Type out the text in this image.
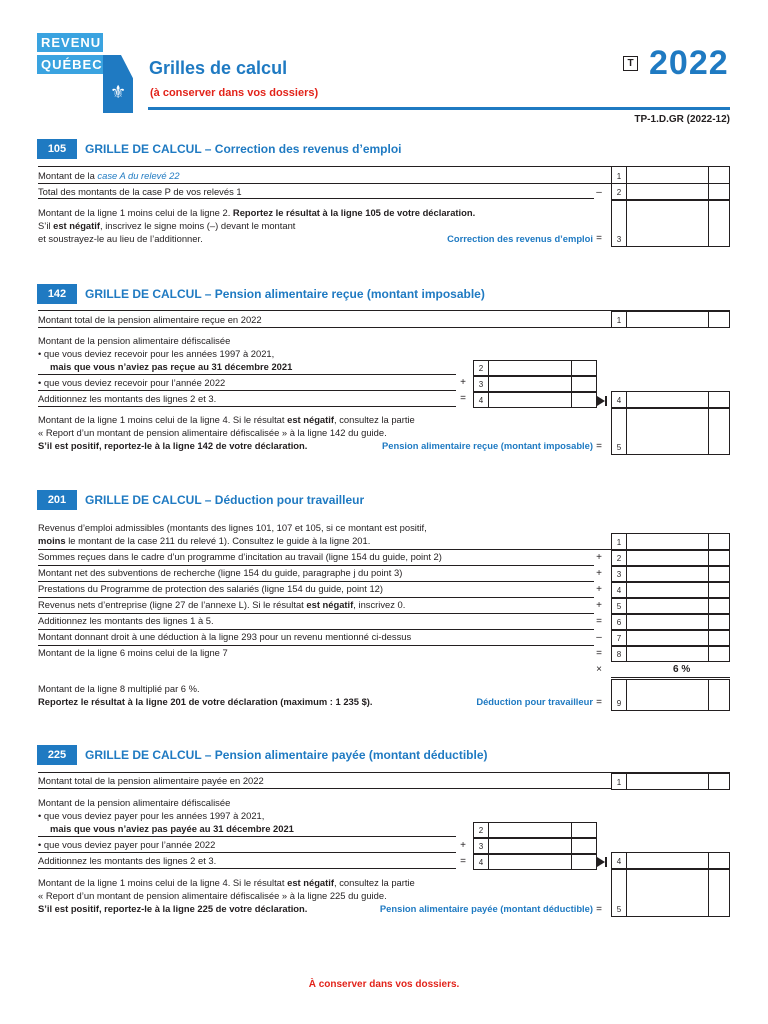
REVENU
QUÉBEC
⚜
Grilles de calcul
(à conserver dans vos dossiers)
T 2022
TP-1.D.GR (2022-12)
105	GRILLE DE CALCUL – Correction des revenus d’emploi
Montant de la case A du relevé 22	1
Total des montants de la case P de vos relevés 1	–	2
Montant de la ligne 1 moins celui de la ligne 2. Reportez le résultat à la ligne 105 de votre déclaration.
S’il est négatif, inscrivez le signe moins (–) devant le montant
et soustrayez-le au lieu de l’additionner.	Correction des revenus d’emploi =	3
142	GRILLE DE CALCUL – Pension alimentaire reçue (montant imposable)
Montant total de la pension alimentaire reçue en 2022	1
Montant de la pension alimentaire défiscalisée
• que vous deviez recevoir pour les années 1997 à 2021,
mais que vous n’aviez pas reçue au 31 décembre 2021	2
• que vous deviez recevoir pour l’année 2022	+	3
Additionnez les montants des lignes 2 et 3.	=	4	4
Montant de la ligne 1 moins celui de la ligne 4. Si le résultat est négatif, consultez la partie
« Report d’un montant de pension alimentaire défiscalisée » à la ligne 142 du guide.
S’il est positif, reportez-le à la ligne 142 de votre déclaration.	Pension alimentaire reçue (montant imposable) =	5
201	GRILLE DE CALCUL – Déduction pour travailleur
Revenus d’emploi admissibles (montants des lignes 101, 107 et 105, si ce montant est positif,
moins le montant de la case 211 du relevé 1). Consultez le guide à la ligne 201.	1
Sommes reçues dans le cadre d’un programme d’incitation au travail (ligne 154 du guide, point 2)	+	2
Montant net des subventions de recherche (ligne 154 du guide, paragraphe j du point 3)	+	3
Prestations du Programme de protection des salariés (ligne 154 du guide, point 12)	+	4
Revenus nets d’entreprise (ligne 27 de l’annexe L). Si le résultat est négatif, inscrivez 0.	+	5
Additionnez les montants des lignes 1 à 5.	=	6
Montant donnant droit à une déduction à la ligne 293 pour un revenu mentionné ci-dessus	–	7
Montant de la ligne 6 moins celui de la ligne 7	=	8
×	6 %
Montant de la ligne 8 multiplié par 6 %.
Reportez le résultat à la ligne 201 de votre déclaration (maximum : 1 235 $).	Déduction pour travailleur =	9
225	GRILLE DE CALCUL – Pension alimentaire payée (montant déductible)
Montant total de la pension alimentaire payée en 2022	1
Montant de la pension alimentaire défiscalisée
• que vous deviez payer pour les années 1997 à 2021,
mais que vous n’aviez pas payée au 31 décembre 2021	2
• que vous deviez payer pour l’année 2022	+	3
Additionnez les montants des lignes 2 et 3.	=	4	4
Montant de la ligne 1 moins celui de la ligne 4. Si le résultat est négatif, consultez la partie
« Report d’un montant de pension alimentaire défiscalisée » à la ligne 225 du guide.
S’il est positif, reportez-le à la ligne 225 de votre déclaration.	Pension alimentaire payée (montant déductible) =	5
À conserver dans vos dossiers.
